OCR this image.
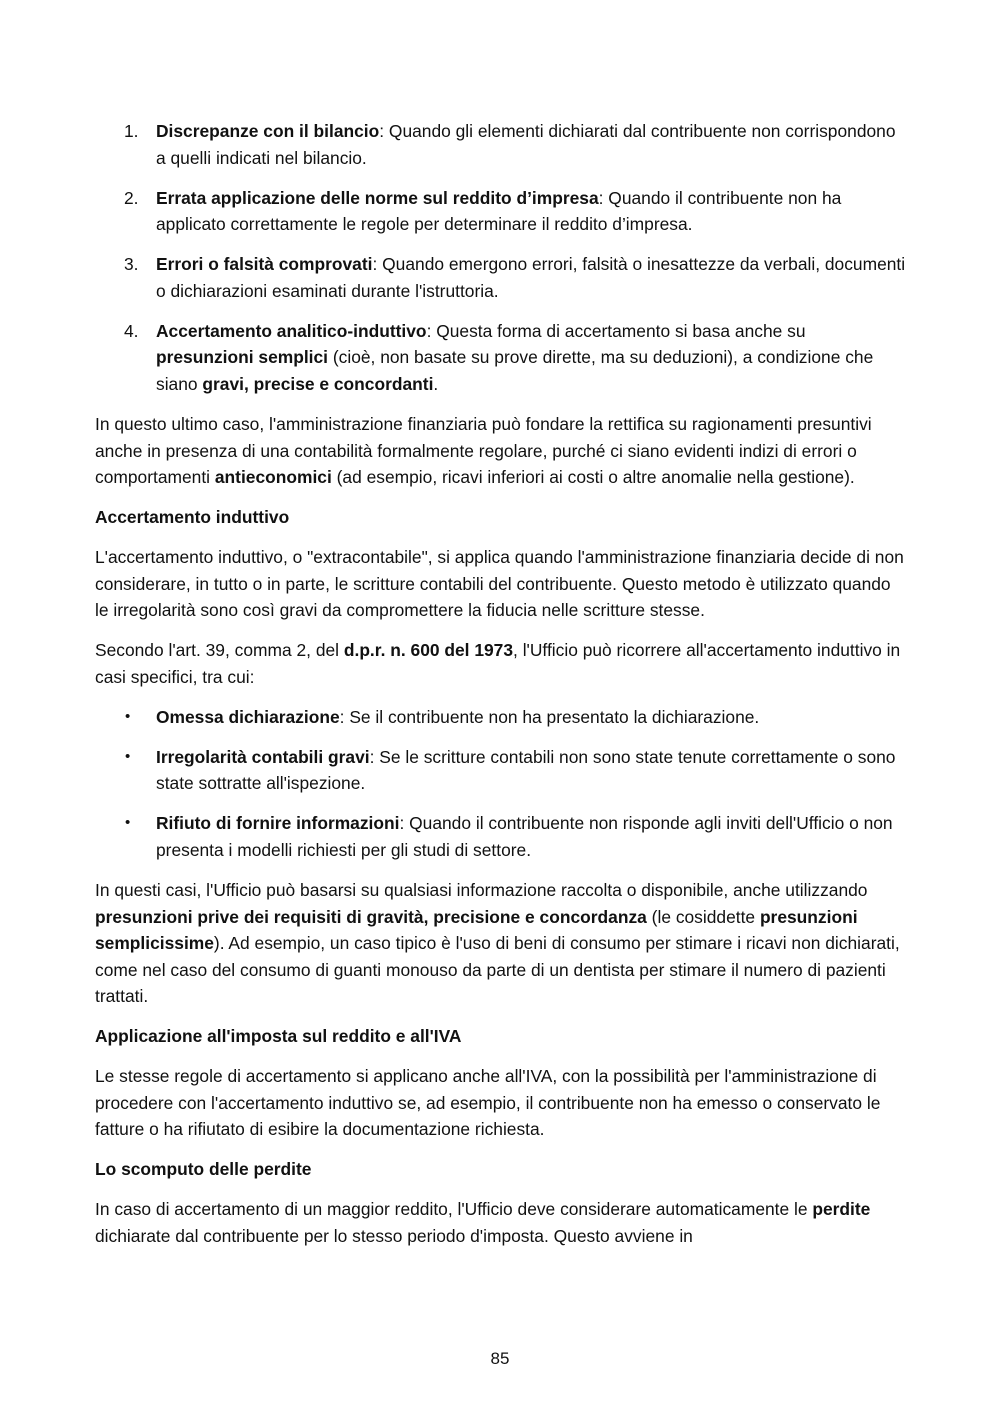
1. Discrepanze con il bilancio: Quando gli elementi dichiarati dal contribuente non corrispondono a quelli indicati nel bilancio.
2. Errata applicazione delle norme sul reddito d’impresa: Quando il contribuente non ha applicato correttamente le regole per determinare il reddito d’impresa.
3. Errori o falsità comprovati: Quando emergono errori, falsità o inesattezze da verbali, documenti o dichiarazioni esaminati durante l'istruttoria.
4. Accertamento analitico-induttivo: Questa forma di accertamento si basa anche su presunzioni semplici (cioè, non basate su prove dirette, ma su deduzioni), a condizione che siano gravi, precise e concordanti.

In questo ultimo caso, l'amministrazione finanziaria può fondare la rettifica su ragionamenti presuntivi anche in presenza di una contabilità formalmente regolare, purché ci siano evidenti indizi di errori o comportamenti antieconomici (ad esempio, ricavi inferiori ai costi o altre anomalie nella gestione).

Accertamento induttivo

L'accertamento induttivo, o "extracontabile", si applica quando l'amministrazione finanziaria decide di non considerare, in tutto o in parte, le scritture contabili del contribuente. Questo metodo è utilizzato quando le irregolarità sono così gravi da compromettere la fiducia nelle scritture stesse.

Secondo l'art. 39, comma 2, del d.p.r. n. 600 del 1973, l'Ufficio può ricorrere all'accertamento induttivo in casi specifici, tra cui:

• Omessa dichiarazione: Se il contribuente non ha presentato la dichiarazione.
• Irregolarità contabili gravi: Se le scritture contabili non sono state tenute correttamente o sono state sottratte all'ispezione.
• Rifiuto di fornire informazioni: Quando il contribuente non risponde agli inviti dell'Ufficio o non presenta i modelli richiesti per gli studi di settore.

In questi casi, l'Ufficio può basarsi su qualsiasi informazione raccolta o disponibile, anche utilizzando presunzioni prive dei requisiti di gravità, precisione e concordanza (le cosiddette presunzioni semplicissime). Ad esempio, un caso tipico è l'uso di beni di consumo per stimare i ricavi non dichiarati, come nel caso del consumo di guanti monouso da parte di un dentista per stimare il numero di pazienti trattati.

Applicazione all'imposta sul reddito e all'IVA

Le stesse regole di accertamento si applicano anche all'IVA, con la possibilità per l'amministrazione di procedere con l'accertamento induttivo se, ad esempio, il contribuente non ha emesso o conservato le fatture o ha rifiutato di esibire la documentazione richiesta.

Lo scomputo delle perdite

In caso di accertamento di un maggior reddito, l'Ufficio deve considerare automaticamente le perdite dichiarate dal contribuente per lo stesso periodo d'imposta. Questo avviene in

85
